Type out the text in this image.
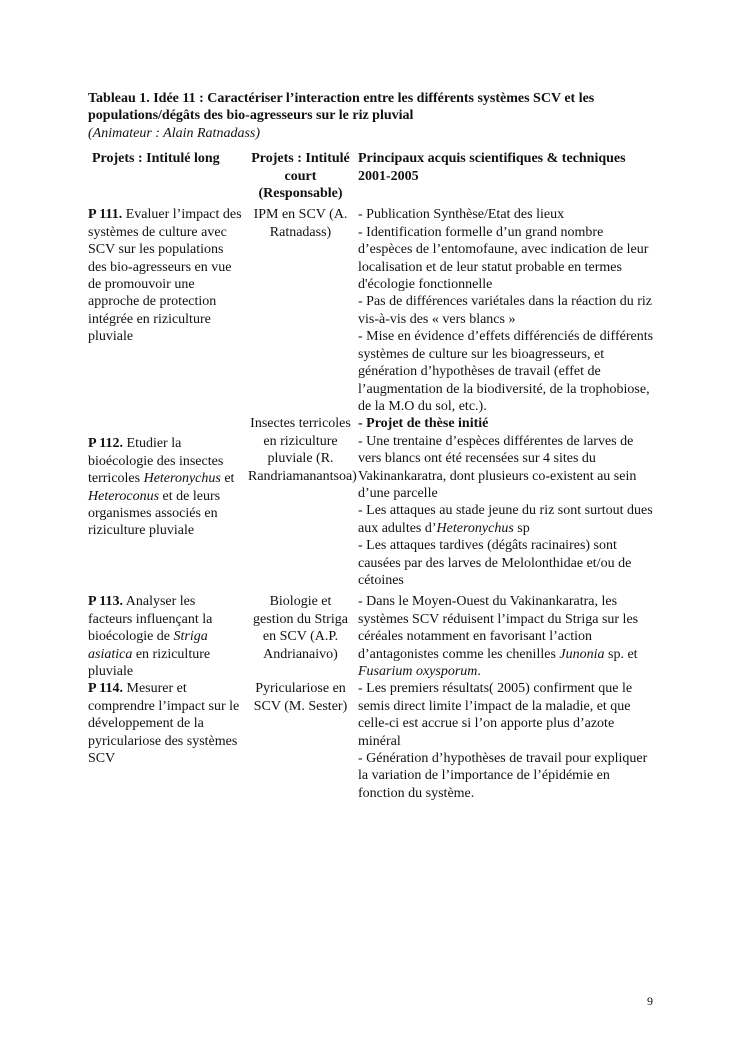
Tableau 1. Idée 11 : Caractériser l’interaction entre les différents systèmes SCV et les
populations/dégâts des bio-agresseurs sur le riz pluvial

(Animateur : Alain Ratnadass)

Projets : Intitulé long	Projets : Intitulé court (Responsable)	Principaux acquis scientifiques & techniques 2001-2005
P 111. Evaluer l’impact des systèmes de culture avec SCV sur les populations des bio-agresseurs en vue de promouvoir une approche de protection intégrée en riziculture pluviale	IPM en SCV (A. Ratnadass)	- Publication Synthèse/Etat des lieux
- Identification formelle d’un grand nombre d’espèces de l’entomofaune, avec indication de leur localisation et de leur statut probable en termes d'écologie fonctionnelle
- Pas de différences variétales dans la réaction du riz vis-à-vis des « vers blancs »
- Mise en évidence d’effets différenciés de différents systèmes de culture sur les bioagresseurs, et génération d’hypothèses de travail (effet de l’augmentation de la biodiversité, de la trophobiose, de la M.O du sol, etc.).

P 112. Etudier la bioécologie des insectes terricoles Heteronychus et Heteroconus et de leurs organismes associés en riziculture pluviale	Insectes terricoles en riziculture pluviale (R. Randriamanantsoa)	- Projet de thèse initié
- Une trentaine d’espèces différentes de larves de vers blancs ont été recensées sur 4 sites du Vakinankaratra, dont plusieurs co-existent au sein d’une parcelle
- Les attaques au stade jeune du riz sont surtout dues aux adultes d’Heteronychus sp
- Les attaques tardives (dégâts racinaires) sont causées par des larves de Melolonthidae et/ou de cétoines

P 113. Analyser les facteurs influençant la bioécologie de Striga asiatica en riziculture pluviale	Biologie et gestion du Striga en SCV (A.P. Andrianaivo)	- Dans le Moyen-Ouest du Vakinankaratra, les systèmes SCV réduisent l’impact du Striga sur les céréales notamment en favorisant l’action d’antagonistes comme les chenilles Junonia sp. et Fusarium oxysporum.

P 114. Mesurer et comprendre l’impact sur le développement de la pyriculariose des systèmes SCV	Pyriculariose en SCV (M. Sester)	- Les premiers résultats( 2005) confirment que le semis direct limite l’impact de la maladie, et que celle-ci est accrue si l’on apporte plus d’azote minéral
- Génération d’hypothèses de travail pour expliquer la variation de l’importance de l’épidémie en fonction du système.
9
